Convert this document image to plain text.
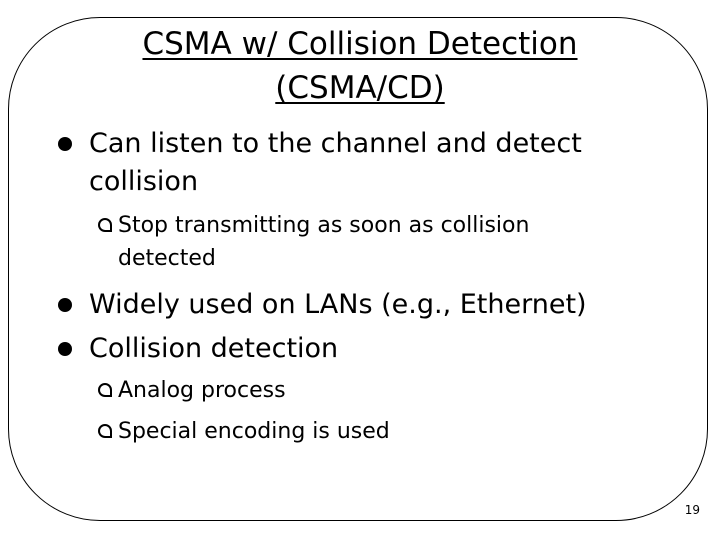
CSMA w/ Collision Detection
(CSMA/CD)
Can listen to the channel and detect
collision
Stop transmitting as soon as collision
detected
Widely used on LANs (e.g., Ethernet)
Collision detection
Analog process
Special encoding is used
19
